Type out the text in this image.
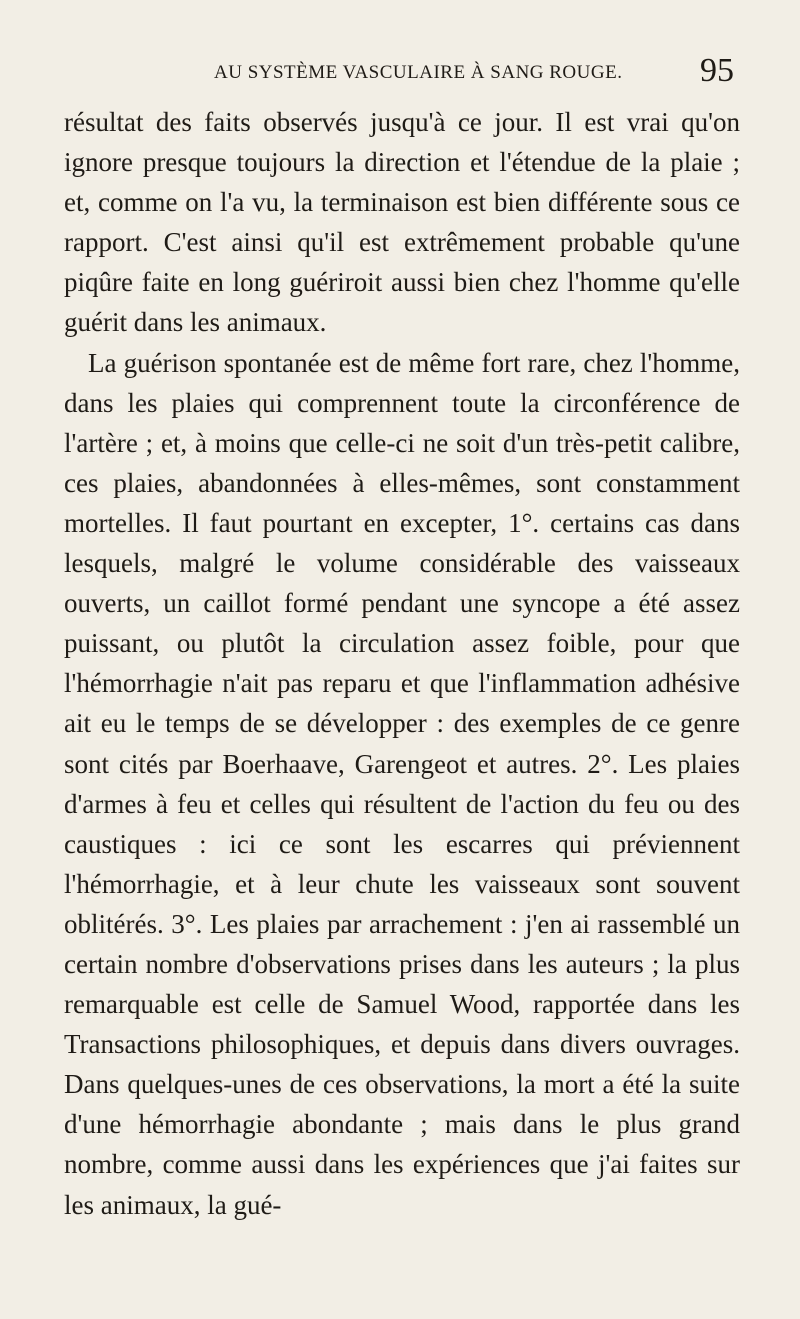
AU SYSTÈME VASCULAIRE À SANG ROUGE. 95

résultat des faits observés jusqu'à ce jour. Il est vrai qu'on ignore presque toujours la direction et l'étendue de la plaie ; et, comme on l'a vu, la terminaison est bien différente sous ce rapport. C'est ainsi qu'il est extrêmement probable qu'une piqûre faite en long guériroit aussi bien chez l'homme qu'elle guérit dans les animaux.

La guérison spontanée est de même fort rare, chez l'homme, dans les plaies qui comprennent toute la circonférence de l'artère ; et, à moins que celle-ci ne soit d'un très-petit calibre, ces plaies, abandonnées à elles-mêmes, sont constamment mortelles. Il faut pourtant en excepter, 1°. certains cas dans lesquels, malgré le volume considérable des vaisseaux ouverts, un caillot formé pendant une syncope a été assez puissant, ou plutôt la circulation assez foible, pour que l'hémorrhagie n'ait pas reparu et que l'inflammation adhésive ait eu le temps de se développer : des exemples de ce genre sont cités par Boerhaave, Garengeot et autres. 2°. Les plaies d'armes à feu et celles qui résultent de l'action du feu ou des caustiques : ici ce sont les escarres qui préviennent l'hémorrhagie, et à leur chute les vaisseaux sont souvent oblitérés. 3°. Les plaies par arrachement : j'en ai rassemblé un certain nombre d'observations prises dans les auteurs ; la plus remarquable est celle de Samuel Wood, rapportée dans les Transactions philosophiques, et depuis dans divers ouvrages. Dans quelques-unes de ces observations, la mort a été la suite d'une hémorrhagie abondante ; mais dans le plus grand nombre, comme aussi dans les expériences que j'ai faites sur les animaux, la gué-
